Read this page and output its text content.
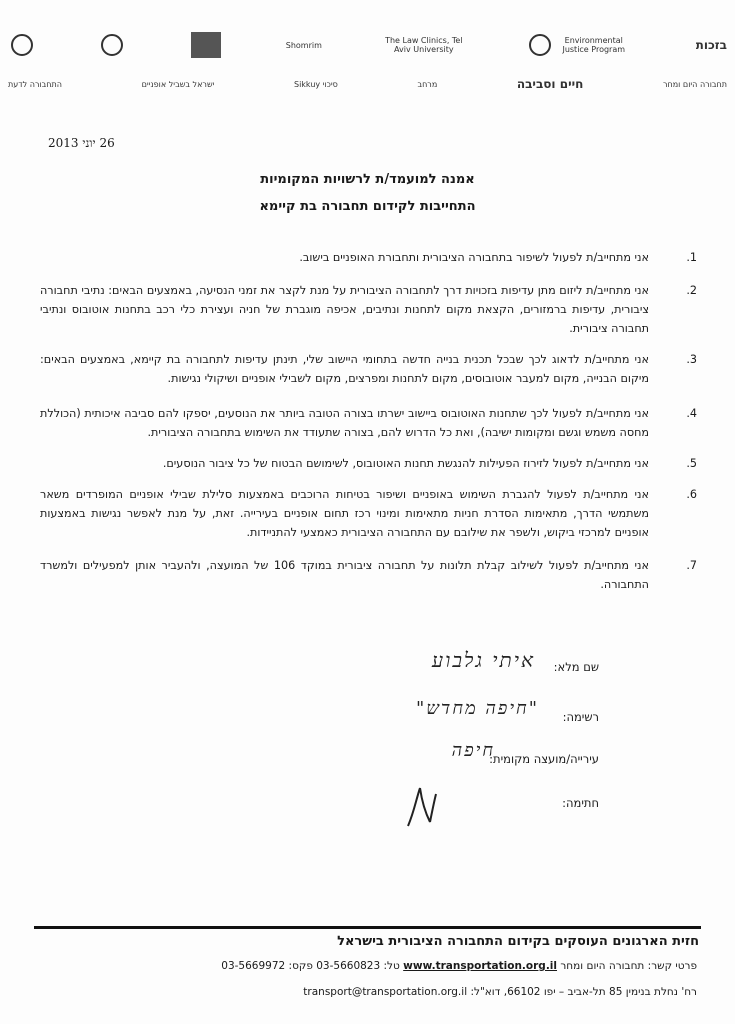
בזכות
Environmental Justice Program
The Law Clinics, Tel Aviv University
Shomrim
תחבורה היום ומחר
חיים וסביבה
מרחב
Sikkuy סיכוי
ישראל בשביל אופניים
התחבורה לדעת
26 יוני 2013
אמנה למועמד/ת לרשויות המקומיות
התחייבות לקידום תחבורה בת קיימא
1.
אני מתחייב/ת לפעול לשיפור בתחבורה הציבורית ותחבורת האופניים בישוב.
2.
אני מתחייב/ת ליזום מתן עדיפות בזכויות דרך לתחבורה הציבורית על מנת לקצר את זמני הנסיעה, באמצעים הבאים: נתיבי תחבורה ציבורית, עדיפות ברמזורים, הקצאת מקום לתחנות ונתיבים, אכיפה מוגברת של חניה ועצירת כלי רכב בתחנות אוטובוס ונתיבי תחבורה ציבורית.
3.
אני מתחייב/ת לדאוג לכך שבכל תכנית בנייה חדשה בתחומי היישוב שלי, תינתן עדיפות לתחבורה בת קיימא, באמצעים הבאים: מיקום הבנייה, מקום למעבר אוטובוסים, מקום לתחנות ומפרצים, מקום לשבילי אופניים ושיקולי נגישות.
4.
אני מתחייב/ת לפעול לכך שתחנות האוטובוס ביישוב ישרתו בצורה הטובה ביותר את הנוסעים, יספקו להם סביבה איכותית (הכוללת מחסה משמש וגשם ומקומות ישיבה), ואת כל הדרוש להם, בצורה שתעודד את השימוש בתחבורה הציבורית.
5.
אני מתחייב/ת לפעול לזירוז הפעילות להנגשת תחנות האוטובוס, לשימושם הבטוח של כל ציבור הנוסעים.
6.
אני מתחייב/ת לפעול להגברת השימוש באופניים ושיפור בטיחות הרוכבים באמצעות סלילת שבילי אופניים המופרדים משאר משתמשי הדרך, מתאימות הסדרת חניות מתאימות ומינוי רכז תחום אופניים בעירייה. זאת, על מנת לאפשר נגישות באמצעות אופניים למרכזי ביקוש, ולשפר את שילובם עם התחבורה הציבורית כאמצעי להתניידות.
7.
אני מתחייב/ת לפעול לשילוב קבלת תלונות על תחבורה ציבורית במוקד 106 של המועצה, ולהעביר אותן למפעילים ולמשרד התחבורה.
שם מלא:
איתי גלבוע
רשימה:
"חיפה מחדש"
עירייה/מועצה מקומית:
חיפה
חתימה:
חזית הארגונים העוסקים בקידום התחבורה הציבורית בישראל
פרטי קשר: תחבורה היום ומחר www.transportation.org.il טל: 03-5660823 פקס: 03-5669972
רח' נחלת בנימין 85 תל-אביב – יפו 66102, דוא"ל: transport@transportation.org.il
